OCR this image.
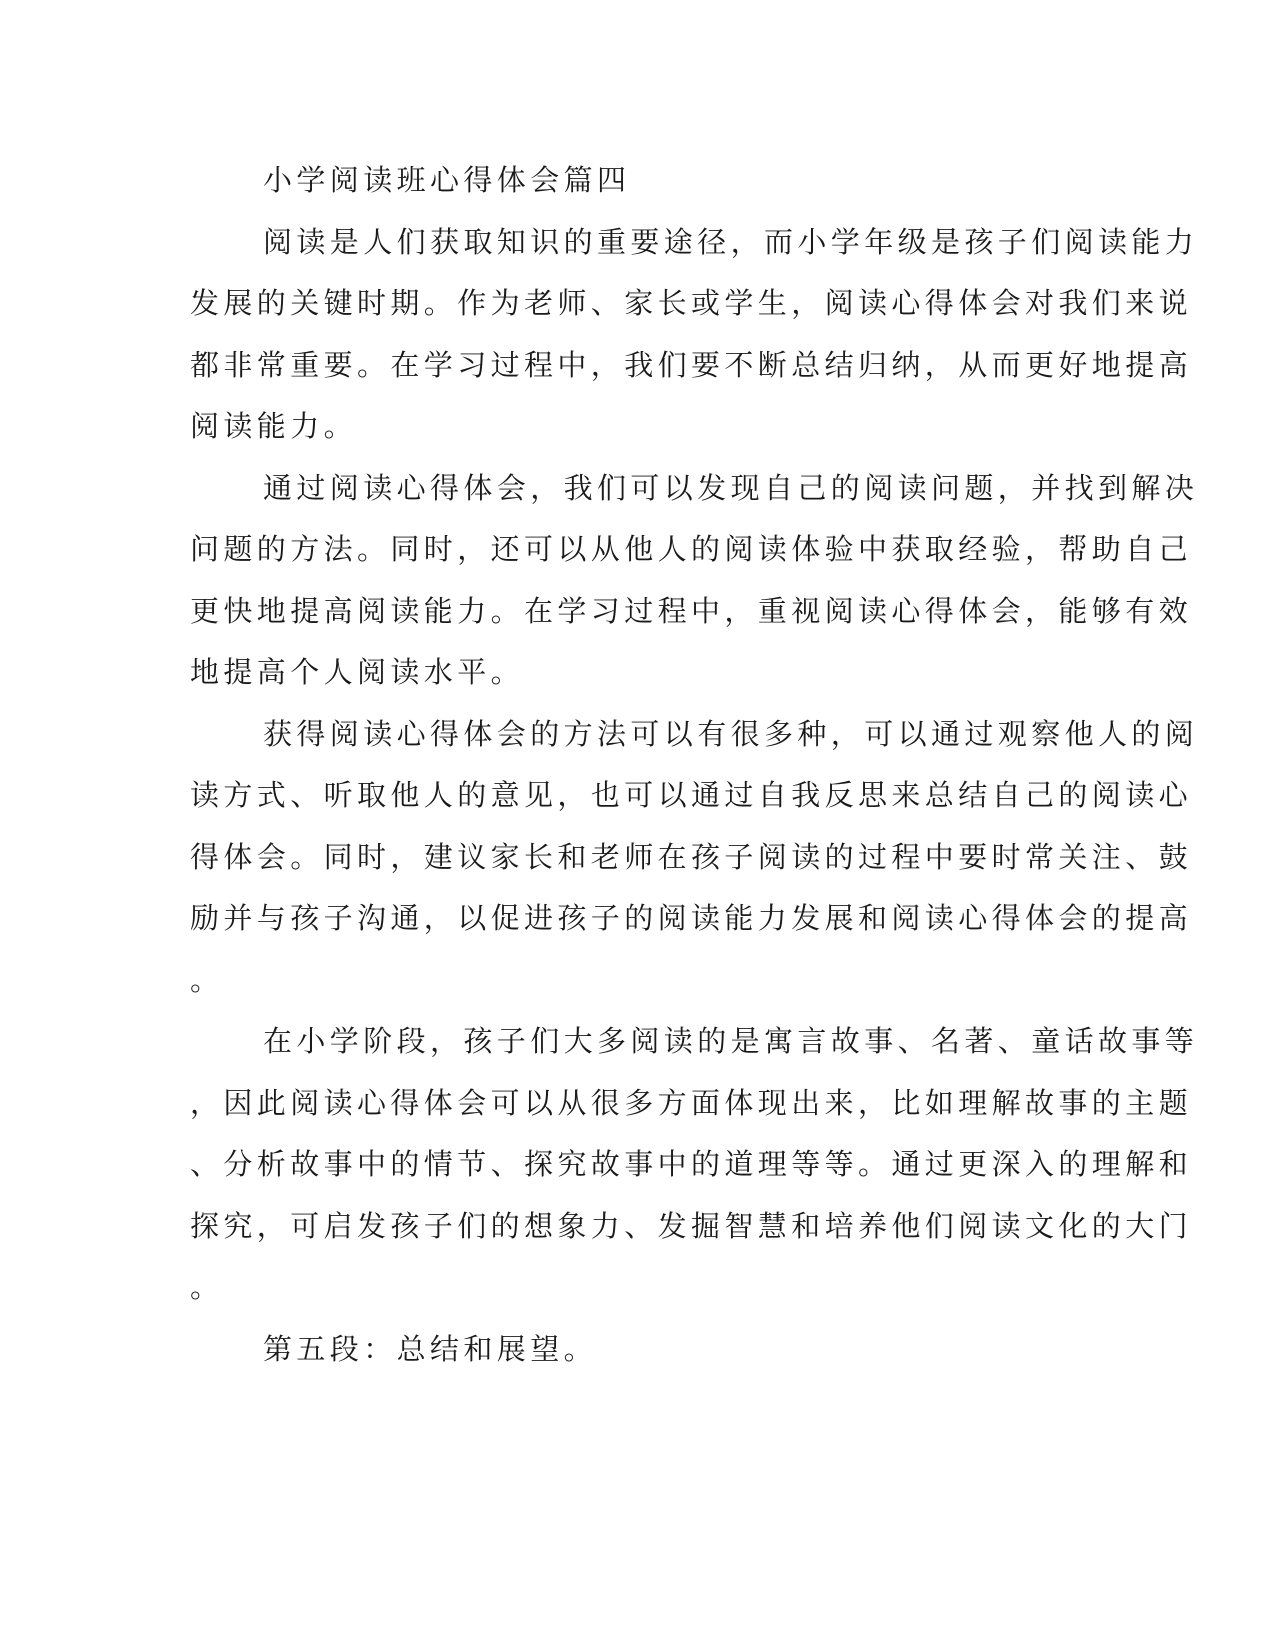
小学阅读班心得体会篇四
阅读是人们获取知识的重要途径，而小学年级是孩子们阅读能力
发展的关键时期。作为老师、家长或学生，阅读心得体会对我们来说
都非常重要。在学习过程中，我们要不断总结归纳，从而更好地提高
阅读能力。
通过阅读心得体会，我们可以发现自己的阅读问题，并找到解决
问题的方法。同时，还可以从他人的阅读体验中获取经验，帮助自己
更快地提高阅读能力。在学习过程中，重视阅读心得体会，能够有效
地提高个人阅读水平。
获得阅读心得体会的方法可以有很多种，可以通过观察他人的阅
读方式、听取他人的意见，也可以通过自我反思来总结自己的阅读心
得体会。同时，建议家长和老师在孩子阅读的过程中要时常关注、鼓
励并与孩子沟通，以促进孩子的阅读能力发展和阅读心得体会的提高
。
在小学阶段，孩子们大多阅读的是寓言故事、名著、童话故事等
，因此阅读心得体会可以从很多方面体现出来，比如理解故事的主题
、分析故事中的情节、探究故事中的道理等等。通过更深入的理解和
探究，可启发孩子们的想象力、发掘智慧和培养他们阅读文化的大门
。
第五段：总结和展望。
